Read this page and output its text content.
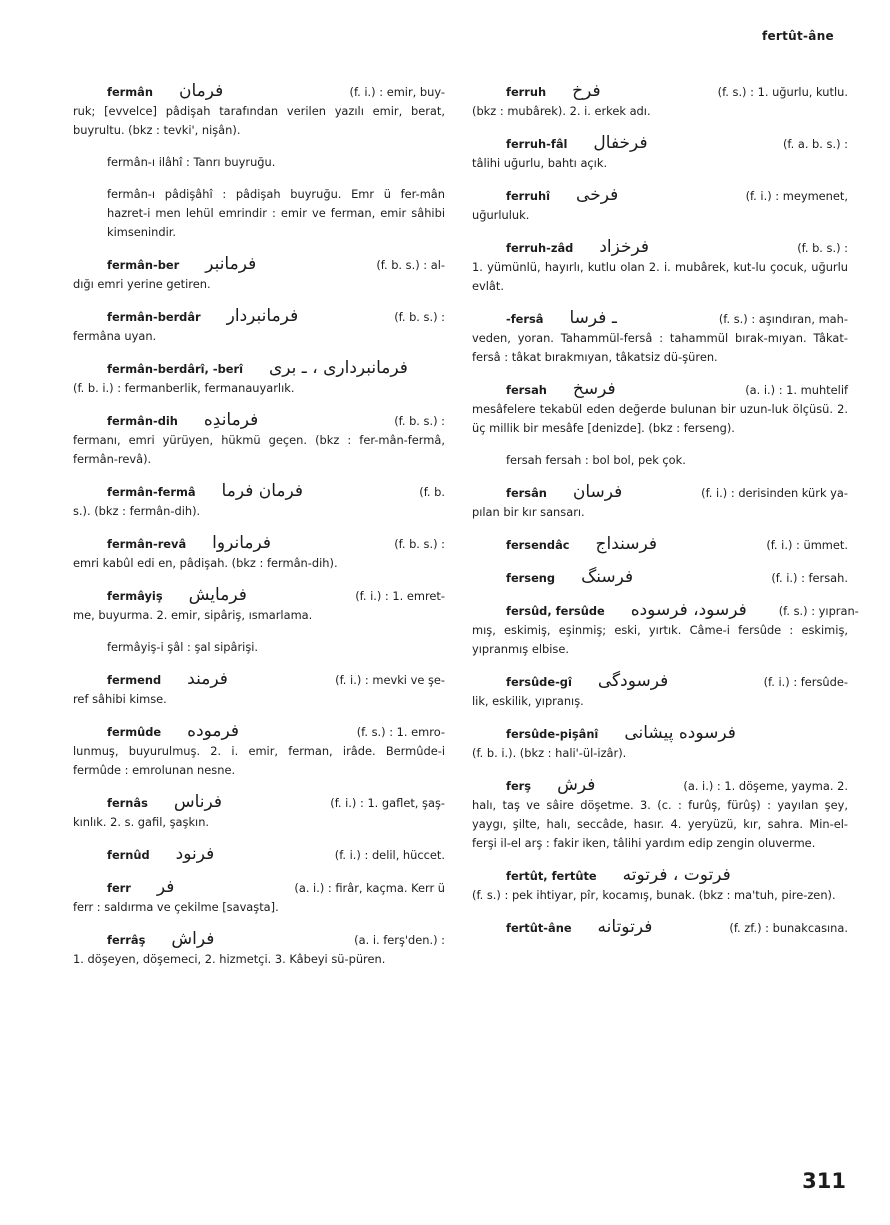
fertût-âne
fermân فرمان	(f. i.) : emir, buy-
ruk; [evvelce] pâdişah tarafından verilen yazılı emir, berat, buyrultu. (bkz : tevki', nişân).
fermân-ı ilâhî : Tanrı buyruğu.
fermân-ı pâdişâhî : pâdişah buyruğu. Emr ü fer-mân hazret-i men lehül emrindir : emir ve ferman, emir sâhibi kimsenindir.
fermân-ber فرمانبر	(f. b. s.) : al-
dığı emri yerine getiren.
fermân-berdâr فرمانبردار	(f. b. s.) :
fermâna uyan.
fermân-berdârî, -berî فرمانبرداری ، ـ بری
(f. b. i.) : fermanberlik, fermanauyarlık.
fermân-dih فرماندِه	(f. b. s.) :
fermanı, emri yürüyen, hükmü geçen. (bkz : fer-mân-fermâ, fermân-revâ).
fermân-fermâ فرمان فرما	(f. b.
s.). (bkz : fermân-dih).
fermân-revâ فرمانروا	(f. b. s.) :
emri kabûl edi en, pâdişah. (bkz : fermân-dih).
fermâyiş فرمایش	(f. i.) : 1. emret-
me, buyurma. 2. emir, sipâriş, ısmarlama.
fermâyiş-i şâl : şal sipârişi.
fermend فرمند	(f. i.) : mevki ve şe-
ref sâhibi kimse.
fermûde فرموده	(f. s.) : 1. emro-
lunmuş, buyurulmuş. 2. i. emir, ferman, irâde. Bermûde-i fermûde : emrolunan nesne.
fernâs فرناس	(f. i.) : 1. gaflet, şaş-
kınlık. 2. s. gafil, şaşkın.
fernûd فرنود	(f. i.) : delil, hüccet.
ferr فر	(a. i.) : firâr, kaçma. Kerr ü
ferr : saldırma ve çekilme [savaşta].
ferrâş فراش	(a. i. ferş'den.) :
1. döşeyen, döşemeci, 2. hizmetçi. 3. Kâbeyi sü-püren.
ferruh فرخ	(f. s.) : 1. uğurlu, kutlu.
(bkz : mubârek). 2. i. erkek adı.
ferruh-fâl فرخفال	(f. a. b. s.) :
tâlihi uğurlu, bahtı açık.
ferruhî فرخی	(f. i.) : meymenet,
uğurluluk.
ferruh-zâd فرخزاد	(f. b. s.) :
1. yümünlü, hayırlı, kutlu olan 2. i. mubârek, kut-lu çocuk, uğurlu evlât.
-fersâ ـ فرسا	(f. s.) : aşındıran, mah-
veden, yoran. Tahammül-fersâ : tahammül bırak-mıyan. Tâkat-fersâ : tâkat bırakmıyan, tâkatsiz dü-şüren.
fersah فرسخ	(a. i.) : 1. muhtelif
mesâfelere tekabül eden değerde bulunan bir uzun-luk ölçüsü. 2. üç millik bir mesâfe [denizde]. (bkz : ferseng).
fersah fersah : bol bol, pek çok.
fersân فرسان	(f. i.) : derisinden kürk ya-
pılan bir kır sansarı.
fersendâc فرسنداج	(f. i.) : ümmet.
ferseng فرسنگ	(f. i.) : fersah.
fersûd, fersûde فرسود، فرسوده	(f. s.) : yıpran-
mış, eskimiş, eşinmiş; eski, yırtık. Câme-i fersûde : eskimiş, yıpranmış elbise.
fersûde-gî فرسودگی	(f. i.) : fersûde-
lik, eskilik, yıpranış.
fersûde-pişânî فرسوده پیشانی
(f. b. i.). (bkz : hali'-ül-izâr).
ferş فرش	(a. i.) : 1. döşeme, yayma. 2.
halı, taş ve sâire döşetme. 3. (c. : furûş, fürûş) : yayılan şey, yaygı, şilte, halı, seccâde, hasır. 4. yeryüzü, kır, sahra. Min-el-ferşi il-el arş : fakir iken, tâlihi yardım edip zengin oluverme.
fertût, fertûte فرتوت ، فرتوته
(f. s.) : pek ihtiyar, pîr, kocamış, bunak. (bkz : ma'tuh, pire-zen).
fertût-âne فرتوتانه	(f. zf.) : bunakcasına.
311
